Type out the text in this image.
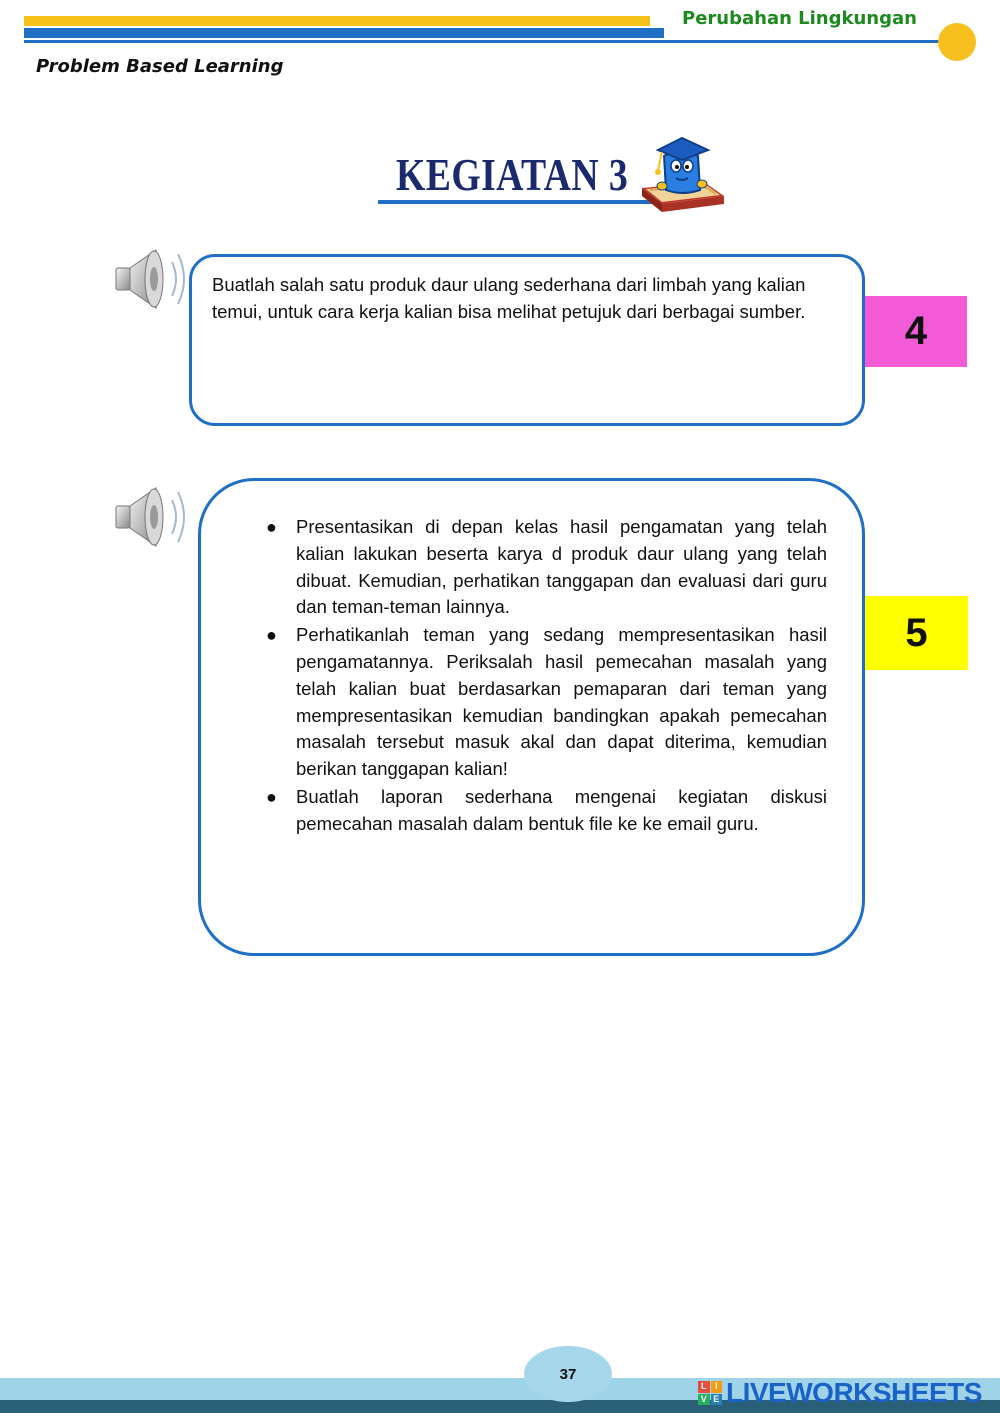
Perubahan Lingkungan
Problem Based Learning
KEGIATAN 3
Buatlah salah satu produk daur ulang sederhana dari limbah yang kalian temui, untuk cara kerja kalian bisa melihat petujuk dari berbagai sumber.	4
● Presentasikan di depan kelas hasil pengamatan yang telah kalian lakukan beserta karya d produk daur ulang yang telah dibuat. Kemudian, perhatikan tanggapan dan evaluasi dari guru dan teman-teman lainnya.
● Perhatikanlah teman yang sedang mempresentasikan hasil pengamatannya. Periksalah hasil pemecahan masalah yang telah kalian buat berdasarkan pemaparan dari teman yang mempresentasikan kemudian bandingkan apakah pemecahan masalah tersebut masuk akal dan dapat diterima, kemudian berikan tanggapan kalian!
● Buatlah laporan sederhana mengenai kegiatan diskusi pemecahan masalah dalam bentuk file ke ke email guru.
5
37
L I
V E LIVEWORKSHEETS
